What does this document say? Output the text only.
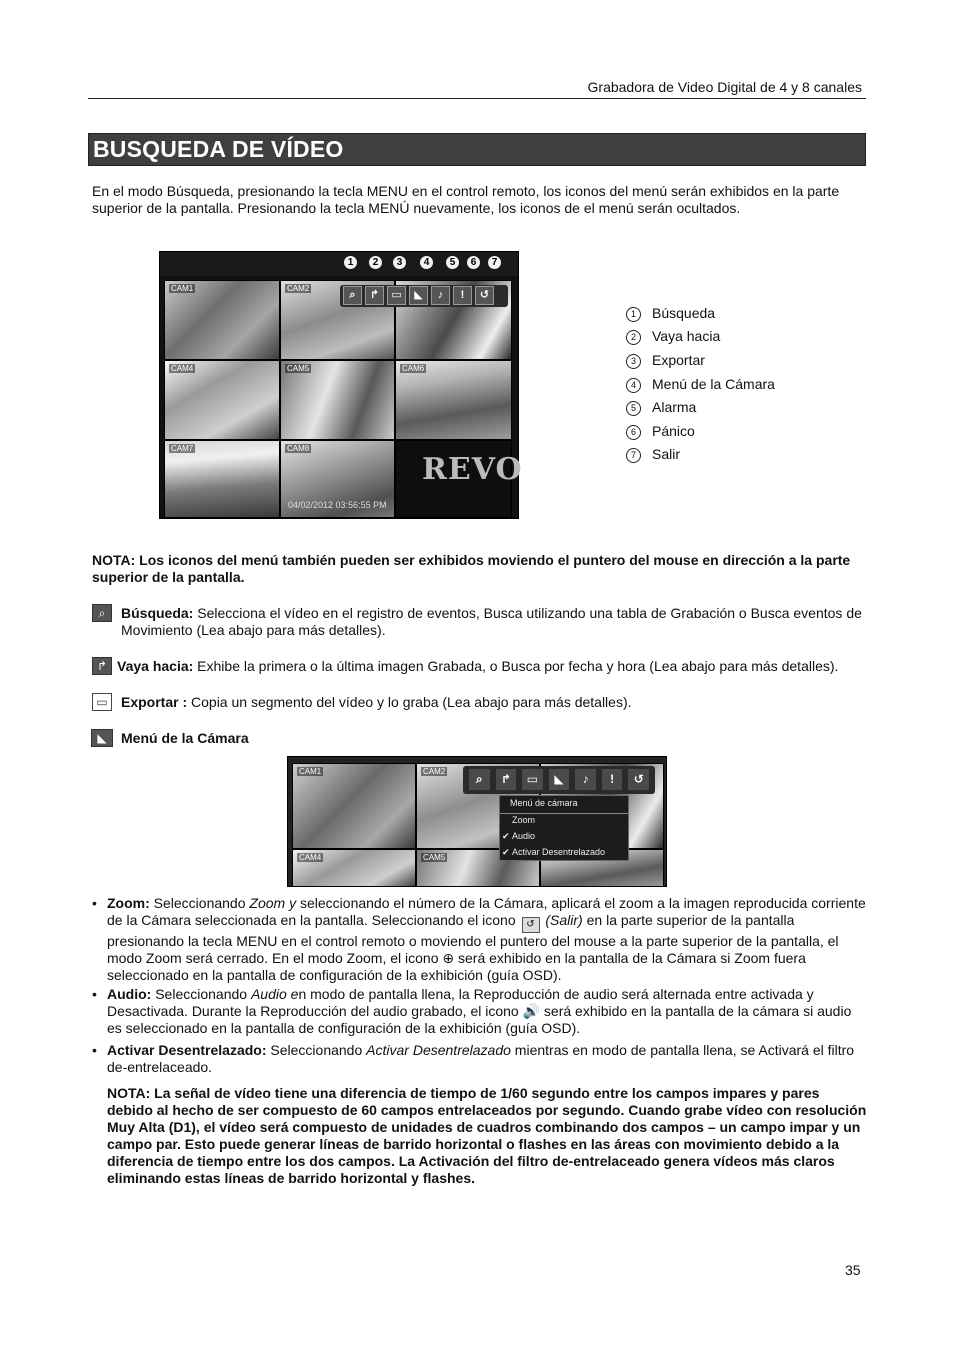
Grabadora de Video Digital de 4 y 8 canales
BUSQUEDA DE VÍDEO
En el modo Búsqueda, presionando la tecla MENU en el control remoto, los iconos del menú serán exhibidos en la parte superior de la pantalla. Presionando la tecla MENÚ nuevamente, los iconos de el menú serán ocultados.
1	2	3	4	5	6	7
CAM1	CAM2
⌕	↱	▭	◣	♪	!	↺
CAM4	CAM5	CAM6
CAM7	CAM8
REVO
04/02/2012 03:56:55 PM
1 Búsqueda
2 Vaya hacia
3 Exportar
4 Menú de la Cámara
5 Alarma
6 Pánico
7 Salir
NOTA: Los iconos del menú también pueden ser exhibidos moviendo el puntero del mouse en dirección a la parte superior de la pantalla.
⌕	Búsqueda: Selecciona el vídeo en el registro de eventos, Busca utilizando una tabla de Grabación o Busca eventos de Movimiento (Lea abajo para más detalles).
↱ Vaya hacia: Exhibe la primera o la última imagen Grabada, o Busca por fecha y hora (Lea abajo para más detalles).
▭ Exportar : Copia un segmento del vídeo y lo graba (Lea abajo para más detalles).
◣	Menú de la Cámara
CAM1	CAM2
CAM4	CAM5
⌕	↱	▭	◣	♪	!	↺
Menú de cámara
Zoom
✔ Audio
✔ Activar Desentrelazado
• Zoom: Seleccionando Zoom y seleccionando el número de la Cámara, aplicará el zoom a la imagen reproducida corriente de la Cámara seleccionada en la pantalla. Seleccionando el icono ↺ (Salir) en la parte superior de la pantalla presionando la tecla MENU en el control remoto o moviendo el puntero del mouse a la parte superior de la pantalla, el modo Zoom será cerrado. En el modo Zoom, el icono ⊕ será exhibido en la pantalla de la Cámara si Zoom fuera seleccionado en la pantalla de configuración de la exhibición (guía OSD).
• Audio: Seleccionando Audio en modo de pantalla llena, la Reproducción de audio será alternada entre activada y Desactivada. Durante la Reproducción del audio grabado, el icono 🔊 será exhibido en la pantalla de la cámara si audio es seleccionado en la pantalla de configuración de la exhibición (guía OSD).
• Activar Desentrelazado: Seleccionando Activar Desentrelazado mientras en modo de pantalla llena, se Activará el filtro de-entrelaceado.
NOTA: La señal de vídeo tiene una diferencia de tiempo de 1/60 segundo entre los campos impares y pares debido al hecho de ser compuesto de 60 campos entrelaceados por segundo. Cuando grabe vídeo con resolución Muy Alta (D1), el vídeo será compuesto de unidades de cuadros combinando dos campos – un campo impar y un campo par. Esto puede generar líneas de barrido horizontal o flashes en las áreas con movimiento debido a la diferencia de tiempo entre los dos campos. La Activación del filtro de-entrelaceado genera vídeos más claros eliminando estas líneas de barrido horizontal y flashes.
35
